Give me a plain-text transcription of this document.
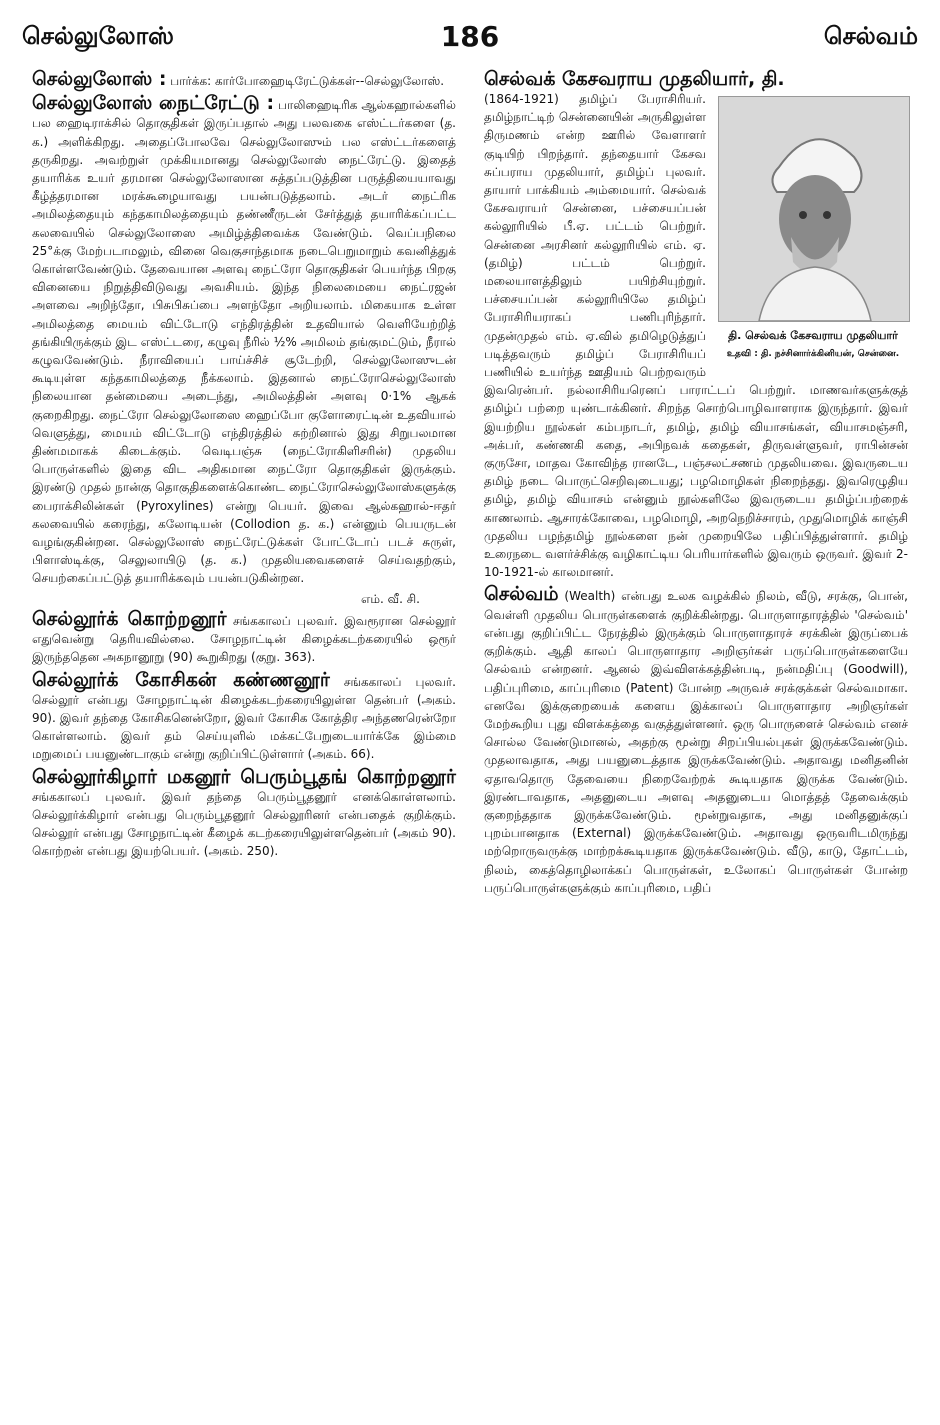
செல்லுலோஸ்	186	செல்வம்

செல்லுலோஸ் : பார்க்க: கார்போஹைடிரேட்டுக்கள்--செல்லுலோஸ்.

செல்லுலோஸ் நைட்ரேட்டு : பாலிஹைடிரிக ஆல்கஹால்களில் பல ஹைடிராக்சில் தொகுதிகள் இருப்பதால் அது பலவகை எஸ்ட்டர்களை (த. க.) அளிக்கிறது. அதைப்போலவே செல்லுலோஸும் பல எஸ்ட்டர்களைத் தருகிறது. அவற்றுள் முக்கியமானது செல்லுலோஸ் நைட்ரேட்டு. இதைத் தயாரிக்க உயர் தரமான செல்லுலோஸான சுத்தப்படுத்தின பருத்தியையாவது கீழ்த்தரமான மரக்கூழையாவது பயன்படுத்தலாம். அடர் நைட்ரிக அமிலத்தையும் கந்தகாமிலத்தையும் தண்ணீருடன் சேர்த்துத் தயாரிக்கப்பட்ட கலவையில் செல்லுலோஸை அமிழ்த்திவைக்க வேண்டும். வெப்பநிலை 25°க்கு மேற்படாமலும், வினை வெகுசாந்தமாக நடைபெறுமாறும் கவனித்துக் கொள்ளவேண்டும். தேவையான அளவு நைட்ரோ தொகுதிகள் பெயர்ந்த பிறகு வினையை நிறுத்திவிடுவது அவசியம். இந்த நிலைமையை நைட்ரஜன் அளவை அறிந்தோ, பிசுபிசுப்பை அளந்தோ அறியலாம். மிகையாக உள்ள அமிலத்தை மையம் விட்டோடு எந்திரத்தின் உதவியால் வெளியேற்றித் தங்கியிருக்கும் இட எஸ்ட்டரை, கழுவு நீரில் ½% அமிலம் தங்குமட்டும், நீரால் கழுவவேண்டும். நீராவியைப் பாய்ச்சிச் சூடேற்றி, செல்லுலோஸுடன் கூடியுள்ள கந்தகாமிலத்தை நீக்கலாம். இதனால் நைட்ரோசெல்லுலோஸ் நிலையான தன்மையை அடைந்து, அமிலத்தின் அளவு 0·1% ஆகக் குறைகிறது. நைட்ரோ செல்லுலோஸை ஹைப்போ குளோரைட்டின் உதவியால் வெளுத்து, மையம் விட்டோடு எந்திரத்தில் சுற்றினால் இது சிறுபலமான திண்மமாகக் கிடைக்கும். வெடிபஞ்சு (நைட்ரோகிளிசரின்) முதலிய பொருள்களில் இதை விட அதிகமான நைட்ரோ தொகுதிகள் இருக்கும். இரண்டு முதல் நான்கு தொகுதிகளைக்கொண்ட நைட்ரோசெல்லுலோஸ்களுக்கு பைராக்சிலின்கள் (Pyroxylines) என்று பெயர். இவை ஆல்கஹால்-ஈதர் கலவையில் கரைந்து, கலோடியன் (Collodion த. க.) என்னும் பெயருடன் வழங்குகின்றன. செல்லுலோஸ் நைட்ரேட்டுக்கள் போட்டோப் படச் சுருள், பிளாஸ்டிக்கு, செலுலாயிடு (த. க.) முதலியவைகளைச் செய்வதற்கும், செயற்கைப்பட்டுத் தயாரிக்கவும் பயன்படுகின்றன.

எம். வீ. சி.

செல்லூர்க் கொற்றனூர் சங்ககாலப் புலவர். இவரூரான செல்லூர் எதுவென்று தெரியவில்லை. சோழநாட்டின் கிழைக்கடற்கரையில் ஒரூர் இருந்ததென அகநானூறு (90) கூறுகிறது (குறு. 363).

செல்லூர்க் கோசிகன் கண்ணனூர் சங்ககாலப் புலவர். செல்லூர் என்பது சோழநாட்டின் கிழைக்கடற்கரையிலுள்ள தென்பர் (அகம். 90). இவர் தந்தை கோசிகனென்றோ, இவர் கோசிக கோத்திர அந்தணரென்றோ கொள்ளலாம். இவர் தம் செய்யுளில் மக்கட்பேறுடையார்க்கே இம்மை மறுமைப் பயனுண்டாகும் என்று குறிப்பிட்டுள்ளார் (அகம். 66).

செல்லூர்கிழார் மகனூர் பெரும்பூதங் கொற்றனூர் சங்ககாலப் புலவர். இவர் தந்தை பெரும்பூதனூர் எனக்கொள்ளலாம். செல்லூர்க்கிழார் என்பது பெரும்பூதனூர் செல்லூரினர் என்பதைக் குறிக்கும். செல்லூர் என்பது சோழநாட்டின் கீழைக் கடற்கரையிலுள்ளதென்பர் (அகம் 90). கொற்றன் என்பது இயற்பெயர். (அகம். 250).

செல்வக் கேசவராய முதலியார், தி.
தி. செல்வக் கேசவராய முதலியார்
உதவி : தி. நச்சினார்க்கினியன், சென்னை.

(1864-1921) தமிழ்ப் பேராசிரியர். தமிழ்நாட்டிற் சென்னையின் அருகிலுள்ள திருமணம் என்ற ஊரில் வேளாளர் குடியிற் பிறந்தார். தந்தையார் கேசவ சுப்பராய முதலியார், தமிழ்ப் புலவர். தாயார் பாக்கியம் அம்மையார். செல்வக் கேசவராயர் சென்னை, பச்சையப்பன் கல்லூரியில் பீ.ஏ. பட்டம் பெற்றுர். சென்னை அரசினர் கல்லூரியில் எம். ஏ. (தமிழ்) பட்டம் பெற்றுர். மலையாளத்திலும் பயிற்சியுற்றுர். பச்சையப்பன் கல்லூரியிலே தமிழ்ப் பேராசிரியராகப் பணிபுரிந்தார். முதன்முதல் எம். ஏ.வில் தமிழெடுத்துப் படித்தவரும் தமிழ்ப் பேராசிரியப் பணியில் உயர்ந்த ஊதியம் பெற்றவரும் இவரென்பர். நல்லாசிரியரெனப் பாராட்டப் பெற்றுர். மாணவர்களுக்குத் தமிழ்ப் பற்றை யுண்டாக்கினர். சிறந்த சொற்பொழிவாளராக இருந்தார். இவர் இயற்றிய நூல்கள் கம்பநாடர், தமிழ், தமிழ் வியாசங்கள், வியாசமஞ்சரி, அக்பர், கண்ணகி கதை, அபிநவக் கதைகள், திருவள்ளுவர், ராபின்சன் குருசோ, மாதவ கோவிந்த ரானடே, பஞ்சலட்சணம் முதலியவை. இவருடைய தமிழ் நடை பொருட்செறிவுடையது; பழமொழிகள் நிறைந்தது. இவரெழுதிய தமிழ், தமிழ் வியாசம் என்னும் நூல்களிலே இவருடைய தமிழ்ப்பற்றைக் காணலாம். ஆசாரக்கோவை, பழமொழி, அறநெறிச்சாரம், முதுமொழிக் காஞ்சி முதலிய பழந்தமிழ் நூல்களை நன் முறையிலே பதிப்பித்துள்ளார். தமிழ் உரைநடை வளர்ச்சிக்கு வழிகாட்டிய பெரியார்களில் இவரும் ஒருவர். இவர் 2-10-1921-ல் காலமானர்.

செல்வம் (Wealth) என்பது உலக வழக்கில் நிலம், வீடு, சரக்கு, பொன், வெள்ளி முதலிய பொருள்களைக் குறிக்கின்றது. பொருளாதாரத்தில் 'செல்வம்' என்பது குறிப்பிட்ட நேரத்தில் இருக்கும் பொருளாதாரச் சரக்கின் இருப்பைக் குறிக்கும். ஆதி காலப் பொருளாதார அறிஞர்கள் பருப்பொருள்களையே செல்வம் என்றனர். ஆனல் இவ்விளக்கத்தின்படி, நன்மதிப்பு (Goodwill), பதிப்புரிமை, காப்புரிமை (Patent) போன்ற அருவச் சரக்குக்கள் செல்வமாகா. எனவே இக்குறையைக் களைய இக்காலப் பொருளாதார அறிஞர்கள் மேற்கூறிய புது விளக்கத்தை வகுத்துள்ளனர். ஒரு பொருளைச் செல்வம் எனச் சொல்ல வேண்டுமானல், அதற்கு மூன்று சிறப்பியல்புகள் இருக்கவேண்டும். முதலாவதாக, அது பயனுடைத்தாக இருக்கவேண்டும். அதாவது மனிதனின் ஏதாவதொரு தேவையை நிறைவேற்றக் கூடியதாக இருக்க வேண்டும். இரண்டாவதாக, அதனுடைய அளவு அதனுடைய மொத்தத் தேவைக்கும் குறைந்ததாக இருக்கவேண்டும். மூன்றுவதாக, அது மனிதனுக்குப் புறம்பானதாக (External) இருக்கவேண்டும். அதாவது ஒருவரிடமிருந்து மற்றொருவருக்கு மாற்றக்கூடியதாக இருக்கவேண்டும். வீடு, காடு, தோட்டம், நிலம், கைத்தொழிலாக்கப் பொருள்கள், உலோகப் பொருள்கள் போன்ற பருப்பொருள்களுக்கும் காப்புரிமை, பதிப்
